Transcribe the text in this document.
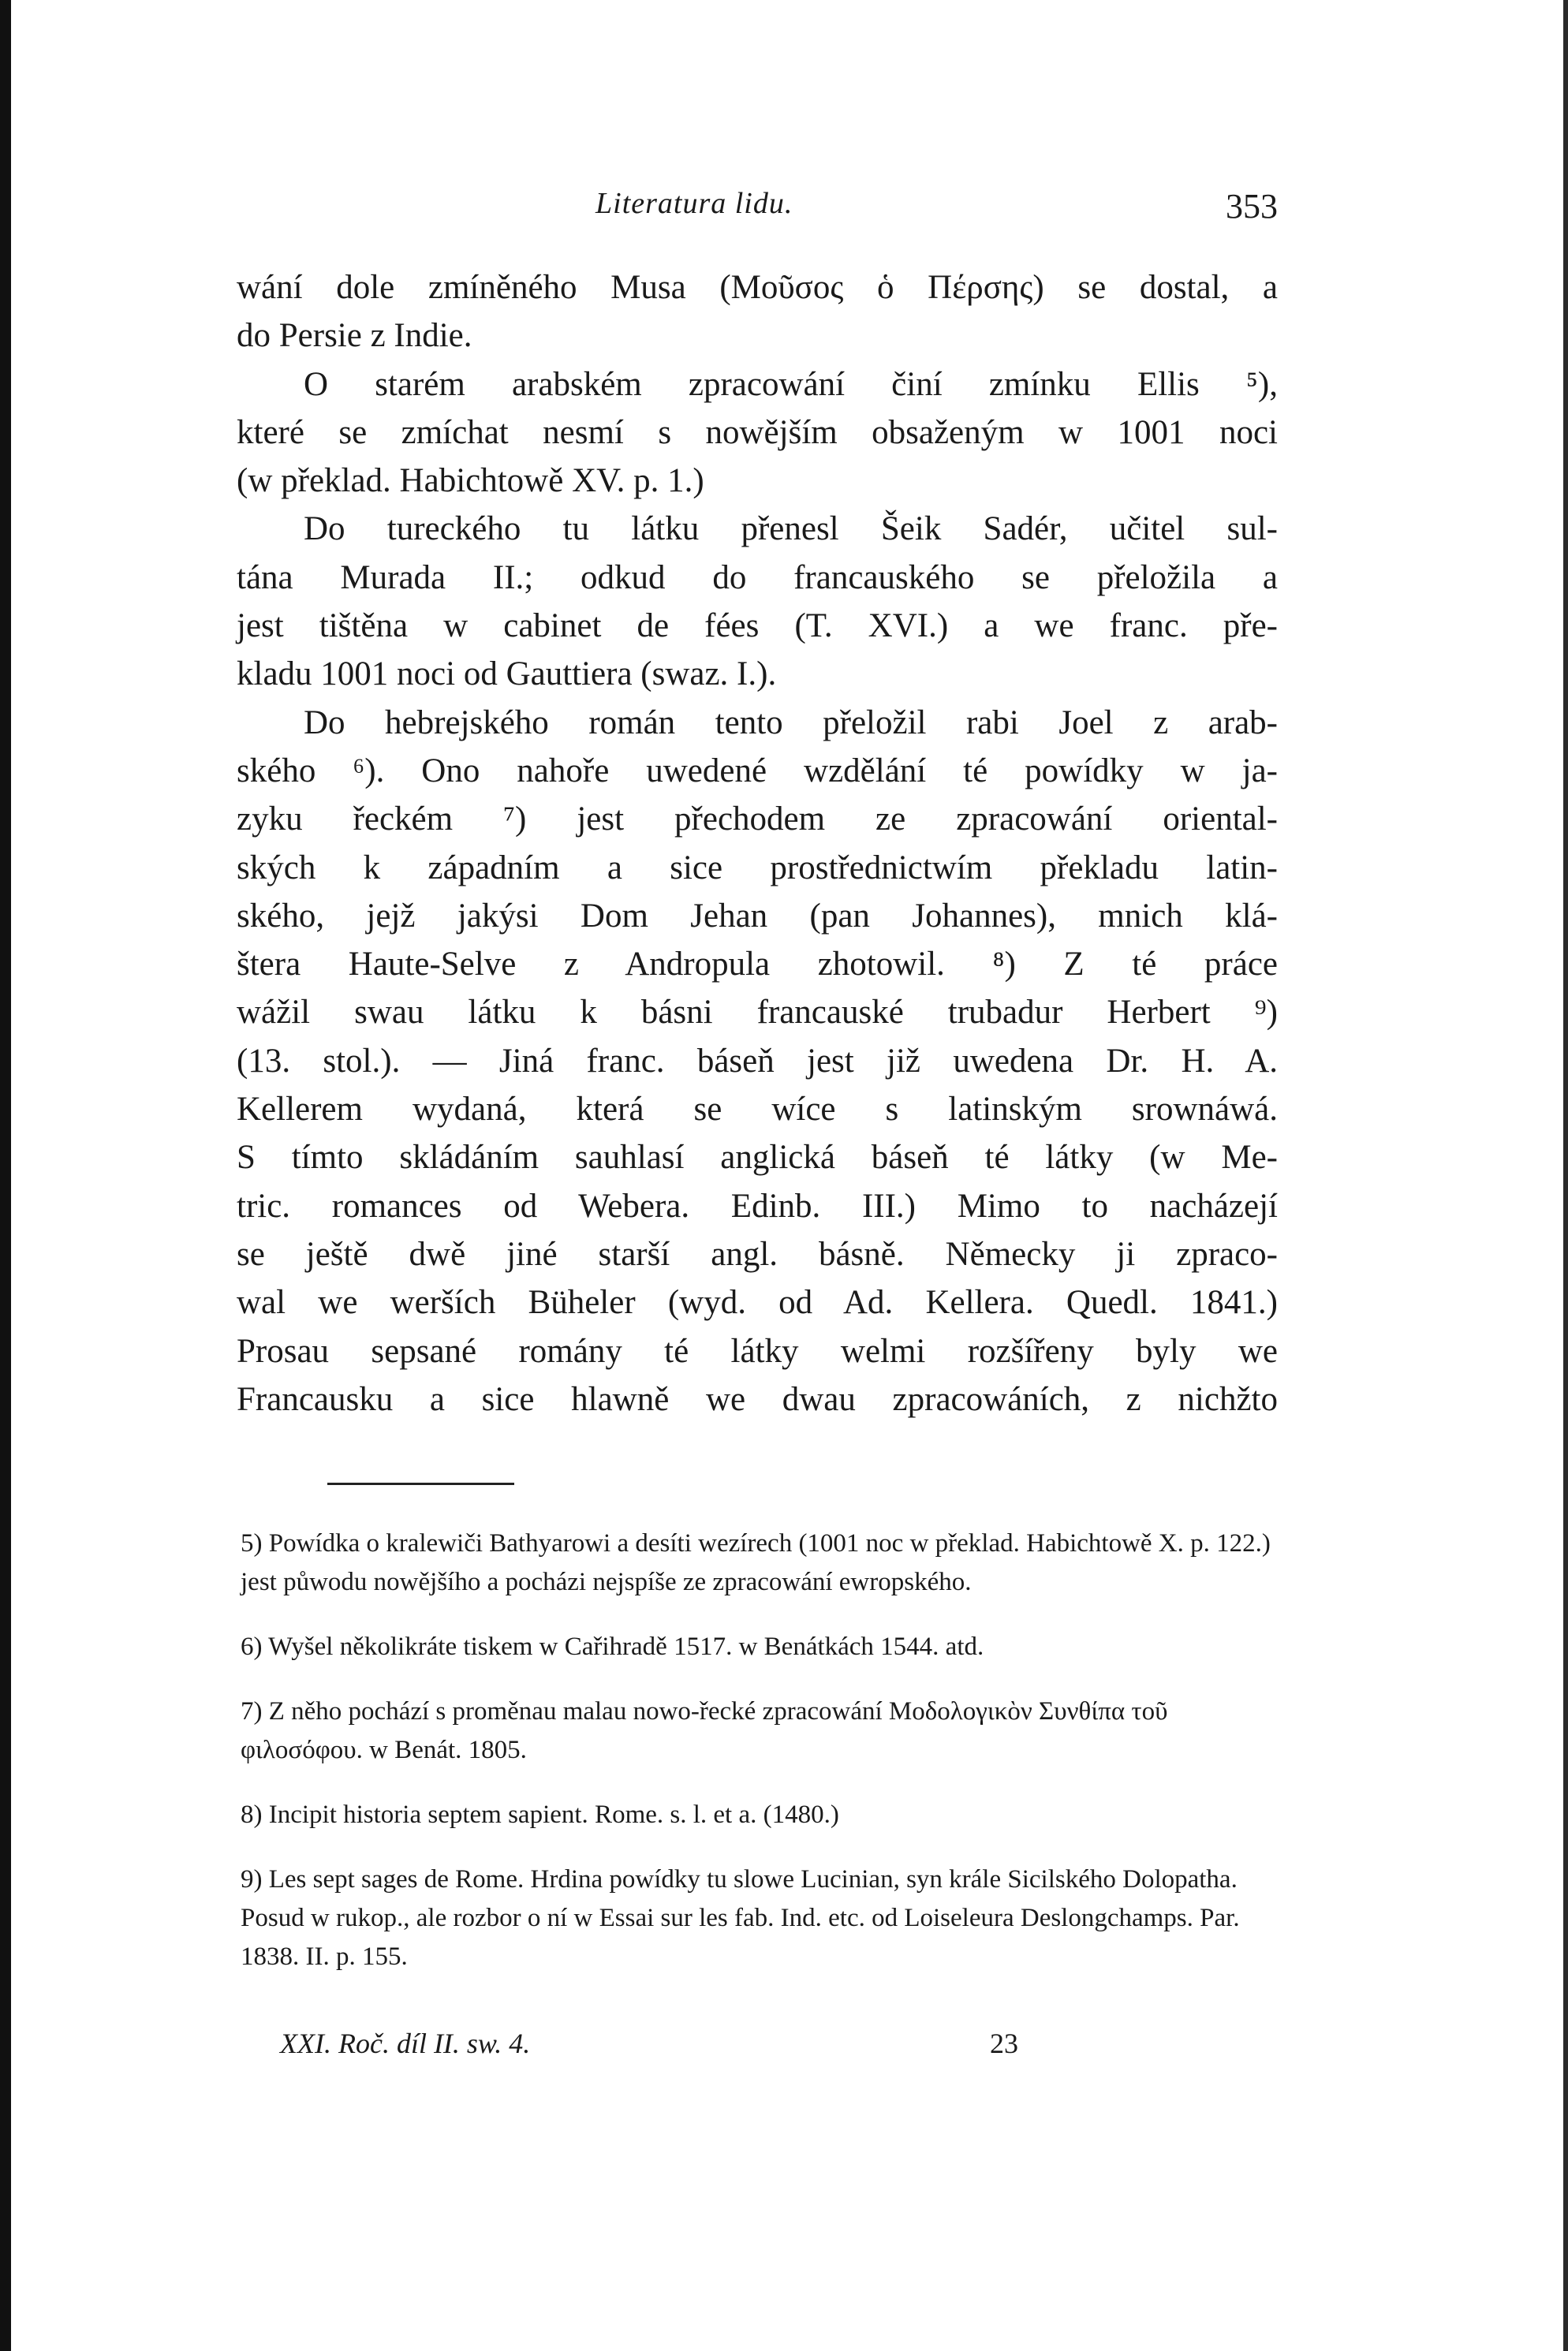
Literatura lidu.	353
wání dole zmíněného Musa (Μοῦσος ὁ Πέρσης) se dostal, a
do Persie z Indie.
O starém arabském zpracowání činí zmínku Ellis ⁵),
které se zmíchat nesmí s nowějším obsaženým w 1001 noci
(w překlad. Habichtowě XV. p. 1.)
Do tureckého tu látku přenesl Šeik Sadér, učitel sul-
tána Murada II.; odkud do francauského se přeložila a
jest tištěna w cabinet de fées (T. XVI.) a we franc. pře-
kladu 1001 noci od Gauttiera (swaz. I.).
Do hebrejského román tento přeložil rabi Joel z arab-
ského ⁶). Ono nahoře uwedené wzdělání té powídky w ja-
zyku řeckém ⁷) jest přechodem ze zpracowání oriental-
ských k západním a sice prostřednictwím překladu latin-
ského, jejž jakýsi Dom Jehan (pan Johannes), mnich klá-
štera Haute-Selve z Andropula zhotowil. ⁸) Z té práce
wážil swau látku k básni francauské trubadur Herbert ⁹)
(13. stol.). — Jiná franc. báseň jest již uwedena Dr. H. A.
Kellerem wydaná, která se wíce s latinským srownáwá.
S tímto skládáním sauhlasí anglická báseň té látky (w Me-
tric. romances od Webera. Edinb. III.) Mimo to nacházejí
se ještě dwě jiné starší angl. básně. Německy ji zpraco-
wal we werších Büheler (wyd. od Ad. Kellera. Quedl. 1841.)
Prosau sepsané romány té látky welmi rozšířeny byly we
Francausku a sice hlawně we dwau zpracowáních, z nichžto

5) Powídka o kralewiči Bathyarowi a desíti wezírech (1001 noc w překlad. Habichtowě X. p. 122.) jest půwodu nowějšího a pocházi nejspíše ze zpracowání ewropského.

6) Wyšel několikráte tiskem w Cařihradě 1517. w Benátkách 1544. atd.

7) Z něho pochází s proměnau malau nowo-řecké zpracowání Μοδολογικὸν Συνθίπα τοῦ φιλοσόφου. w Benát. 1805.

8) Incipit historia septem sapient. Rome. s. l. et a. (1480.)

9) Les sept sages de Rome. Hrdina powídky tu slowe Lucinian, syn krále Sicilského Dolopatha. Posud w rukop., ale rozbor o ní w Essai sur les fab. Ind. etc. od Loiseleura Deslongchamps. Par. 1838. II. p. 155.

XXI. Roč. díl II. sw. 4.	23
